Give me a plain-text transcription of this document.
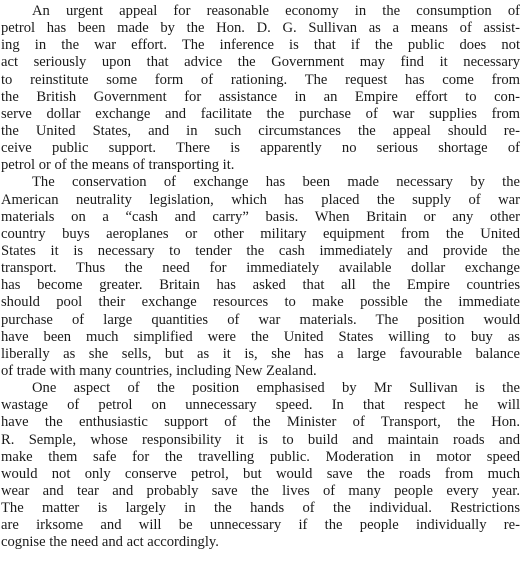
An urgent appeal for reasonable economy in the consumption of
petrol has been made by the Hon. D. G. Sullivan as a means of assist-
ing in the war effort. The inference is that if the public does not
act seriously upon that advice the Government may find it necessary
to reinstitute some form of rationing. The request has come from
the British Government for assistance in an Empire effort to con-
serve dollar exchange and facilitate the purchase of war supplies from
the United States, and in such circumstances the appeal should re-
ceive public support. There is apparently no serious shortage of
petrol or of the means of transporting it.
The conservation of exchange has been made necessary by the
American neutrality legislation, which has placed the supply of war
materials on a “cash and carry” basis. When Britain or any other
country buys aeroplanes or other military equipment from the United
States it is necessary to tender the cash immediately and provide the
transport. Thus the need for immediately available dollar exchange
has become greater. Britain has asked that all the Empire countries
should pool their exchange resources to make possible the immediate
purchase of large quantities of war materials. The position would
have been much simplified were the United States willing to buy as
liberally as she sells, but as it is, she has a large favourable balance
of trade with many countries, including New Zealand.
One aspect of the position emphasised by Mr Sullivan is the
wastage of petrol on unnecessary speed. In that respect he will
have the enthusiastic support of the Minister of Transport, the Hon.
R. Semple, whose responsibility it is to build and maintain roads and
make them safe for the travelling public. Moderation in motor speed
would not only conserve petrol, but would save the roads from much
wear and tear and probably save the lives of many people every year.
The matter is largely in the hands of the individual. Restrictions
are irksome and will be unnecessary if the people individually re-
cognise the need and act accordingly.
